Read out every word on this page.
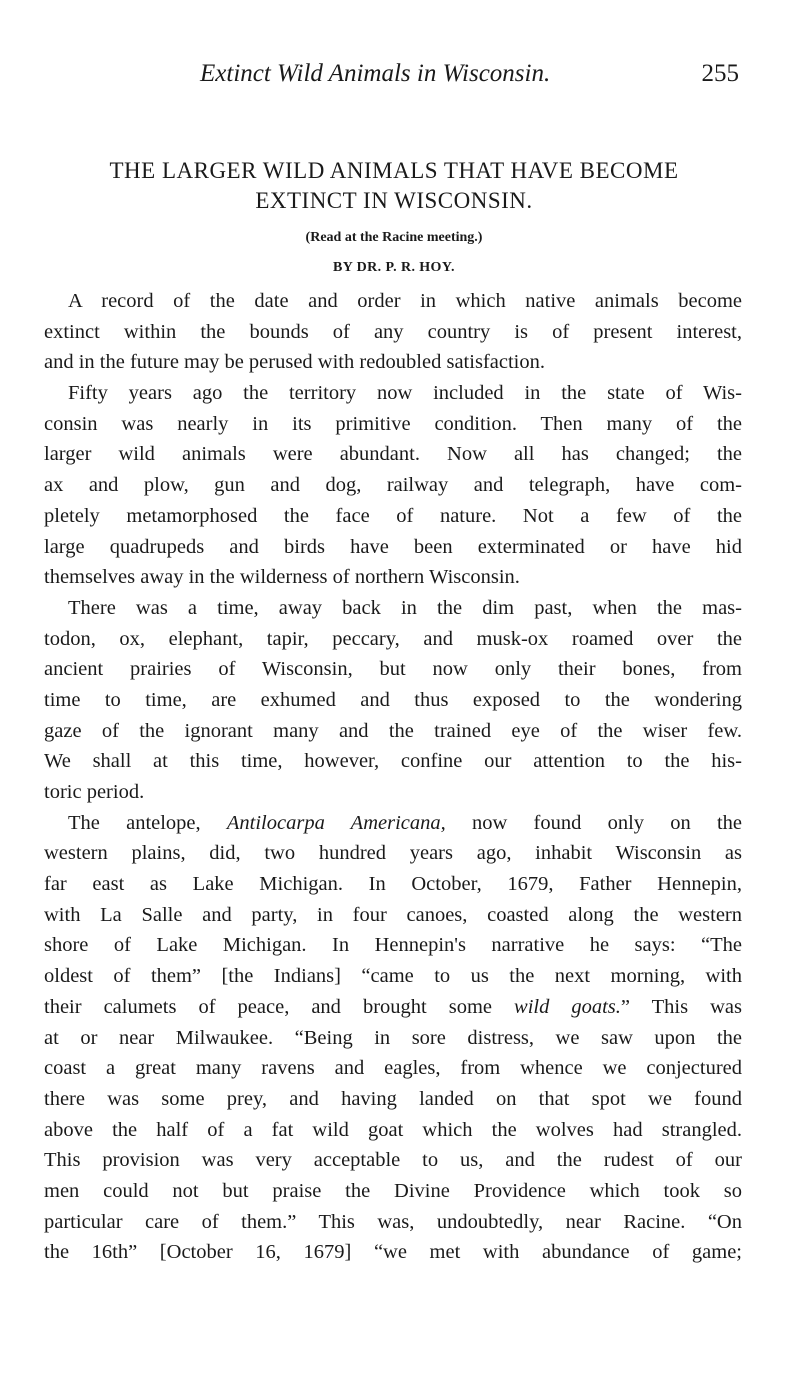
Extinct Wild Animals in Wisconsin.	255
THE LARGER WILD ANIMALS THAT HAVE BECOME
EXTINCT IN WISCONSIN.
(Read at the Racine meeting.)
BY DR. P. R. HOY.
A record of the date and order in which native animals become
extinct within the bounds of any country is of present interest,
and in the future may be perused with redoubled satisfaction.
Fifty years ago the territory now included in the state of Wis-
consin was nearly in its primitive condition. Then many of the
larger wild animals were abundant. Now all has changed; the
ax and plow, gun and dog, railway and telegraph, have com-
pletely metamorphosed the face of nature. Not a few of the
large quadrupeds and birds have been exterminated or have hid
themselves away in the wilderness of northern Wisconsin.
There was a time, away back in the dim past, when the mas-
todon, ox, elephant, tapir, peccary, and musk-ox roamed over the
ancient prairies of Wisconsin, but now only their bones, from
time to time, are exhumed and thus exposed to the wondering
gaze of the ignorant many and the trained eye of the wiser few.
We shall at this time, however, confine our attention to the his-
toric period.
The antelope, Antilocarpa Americana, now found only on the
western plains, did, two hundred years ago, inhabit Wisconsin as
far east as Lake Michigan. In October, 1679, Father Hennepin,
with La Salle and party, in four canoes, coasted along the western
shore of Lake Michigan. In Hennepin's narrative he says: “The
oldest of them” [the Indians] “came to us the next morning, with
their calumets of peace, and brought some wild goats.” This was
at or near Milwaukee. “Being in sore distress, we saw upon the
coast a great many ravens and eagles, from whence we conjectured
there was some prey, and having landed on that spot we found
above the half of a fat wild goat which the wolves had strangled.
This provision was very acceptable to us, and the rudest of our
men could not but praise the Divine Providence which took so
particular care of them.” This was, undoubtedly, near Racine. “On
the 16th” [October 16, 1679] “we met with abundance of game;
